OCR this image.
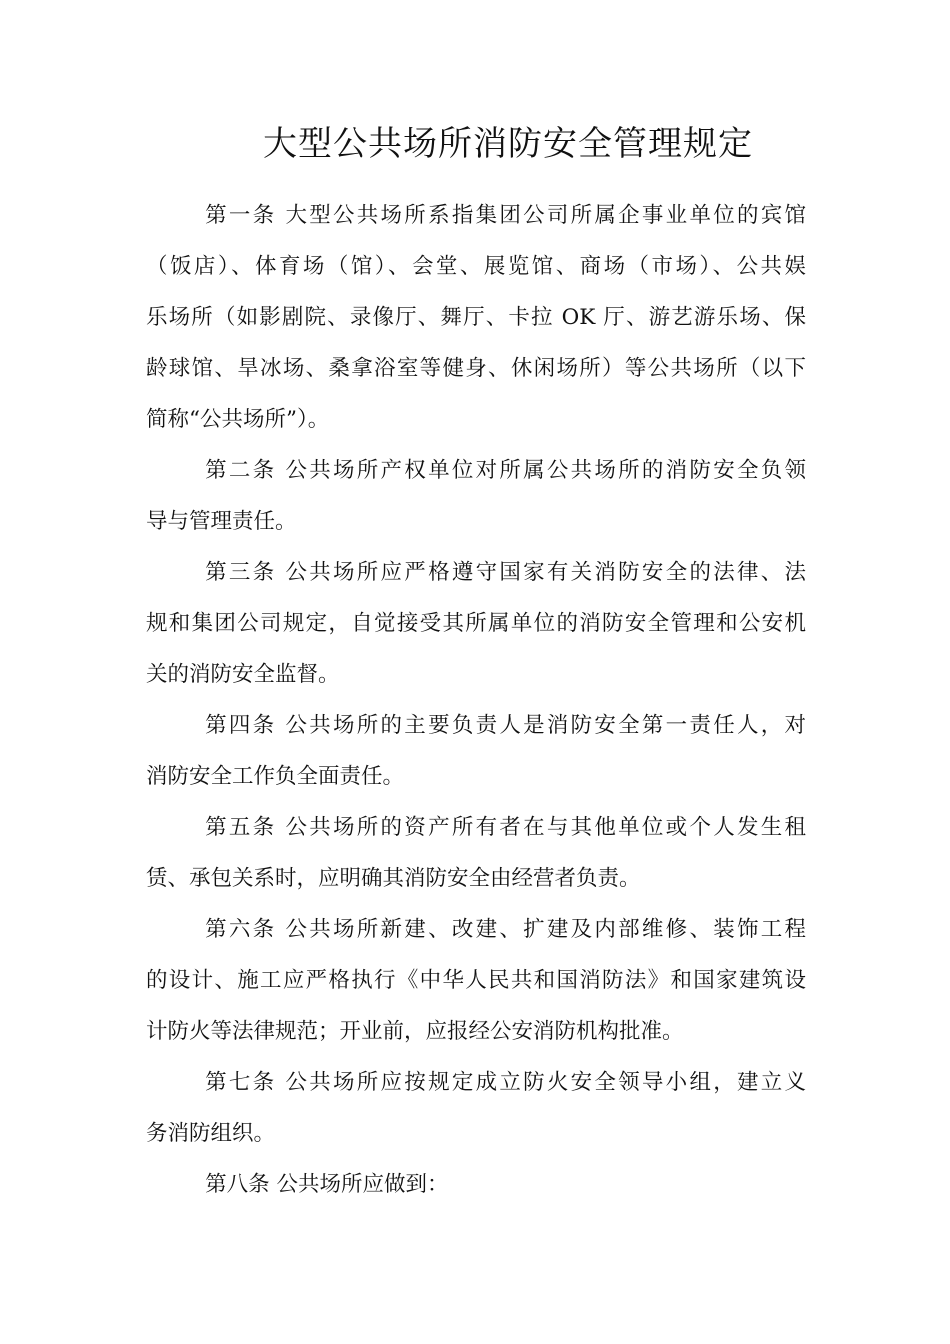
大型公共场所消防安全管理规定

第一条 大型公共场所系指集团公司所属企事业单位的宾馆
（饭店）、体育场（馆）、会堂、展览馆、商场（市场）、公共娱
乐场所（如影剧院、录像厅、舞厅、卡拉 OK 厅、游艺游乐场、保
龄球馆、旱冰场、桑拿浴室等健身、休闲场所）等公共场所（以下
简称“公共场所”）。

第二条 公共场所产权单位对所属公共场所的消防安全负领
导与管理责任。

第三条 公共场所应严格遵守国家有关消防安全的法律、法
规和集团公司规定，自觉接受其所属单位的消防安全管理和公安机
关的消防安全监督。

第四条 公共场所的主要负责人是消防安全第一责任人，对
消防安全工作负全面责任。

第五条 公共场所的资产所有者在与其他单位或个人发生租
赁、承包关系时，应明确其消防安全由经营者负责。

第六条 公共场所新建、改建、扩建及内部维修、装饰工程
的设计、施工应严格执行《中华人民共和国消防法》和国家建筑设
计防火等法律规范；开业前，应报经公安消防机构批准。

第七条 公共场所应按规定成立防火安全领导小组，建立义
务消防组织。

第八条 公共场所应做到：
